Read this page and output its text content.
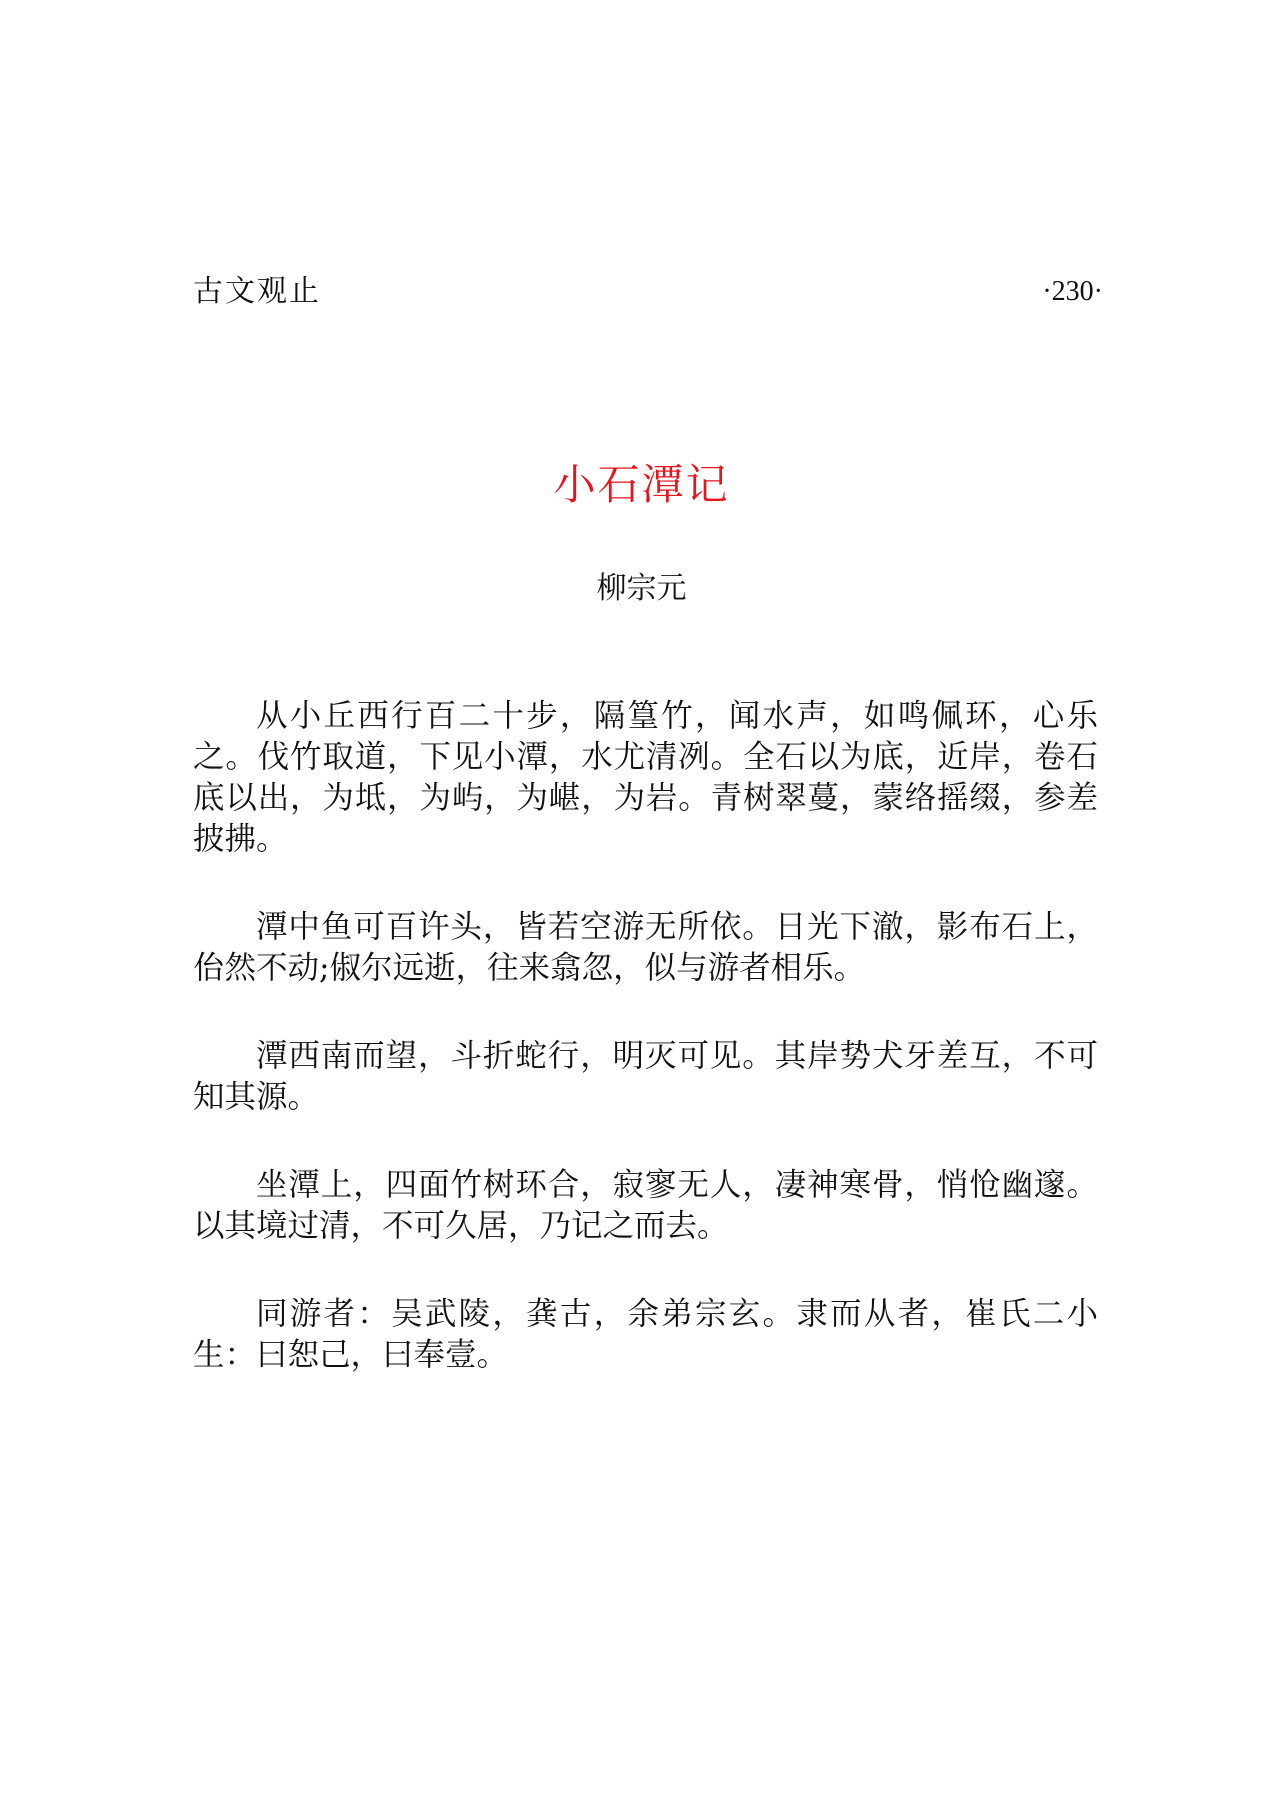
古文观止	·230·
小石潭记
柳宗元

从小丘西行百二十步，隔篁竹，闻水声，如鸣佩环，心乐之。伐竹取道，下见小潭，水尤清冽。全石以为底，近岸，卷石底以出，为坻，为屿，为嵁，为岩。青树翠蔓，蒙络摇缀，参差披拂。

潭中鱼可百许头，皆若空游无所依。日光下澈，影布石上，佁然不动;俶尔远逝，往来翕忽，似与游者相乐。

潭西南而望，斗折蛇行，明灭可见。其岸势犬牙差互，不可知其源。

坐潭上，四面竹树环合，寂寥无人，凄神寒骨，悄怆幽邃。以其境过清，不可久居，乃记之而去。

同游者：吴武陵，龚古，余弟宗玄。隶而从者，崔氏二小生：曰恕己，曰奉壹。
